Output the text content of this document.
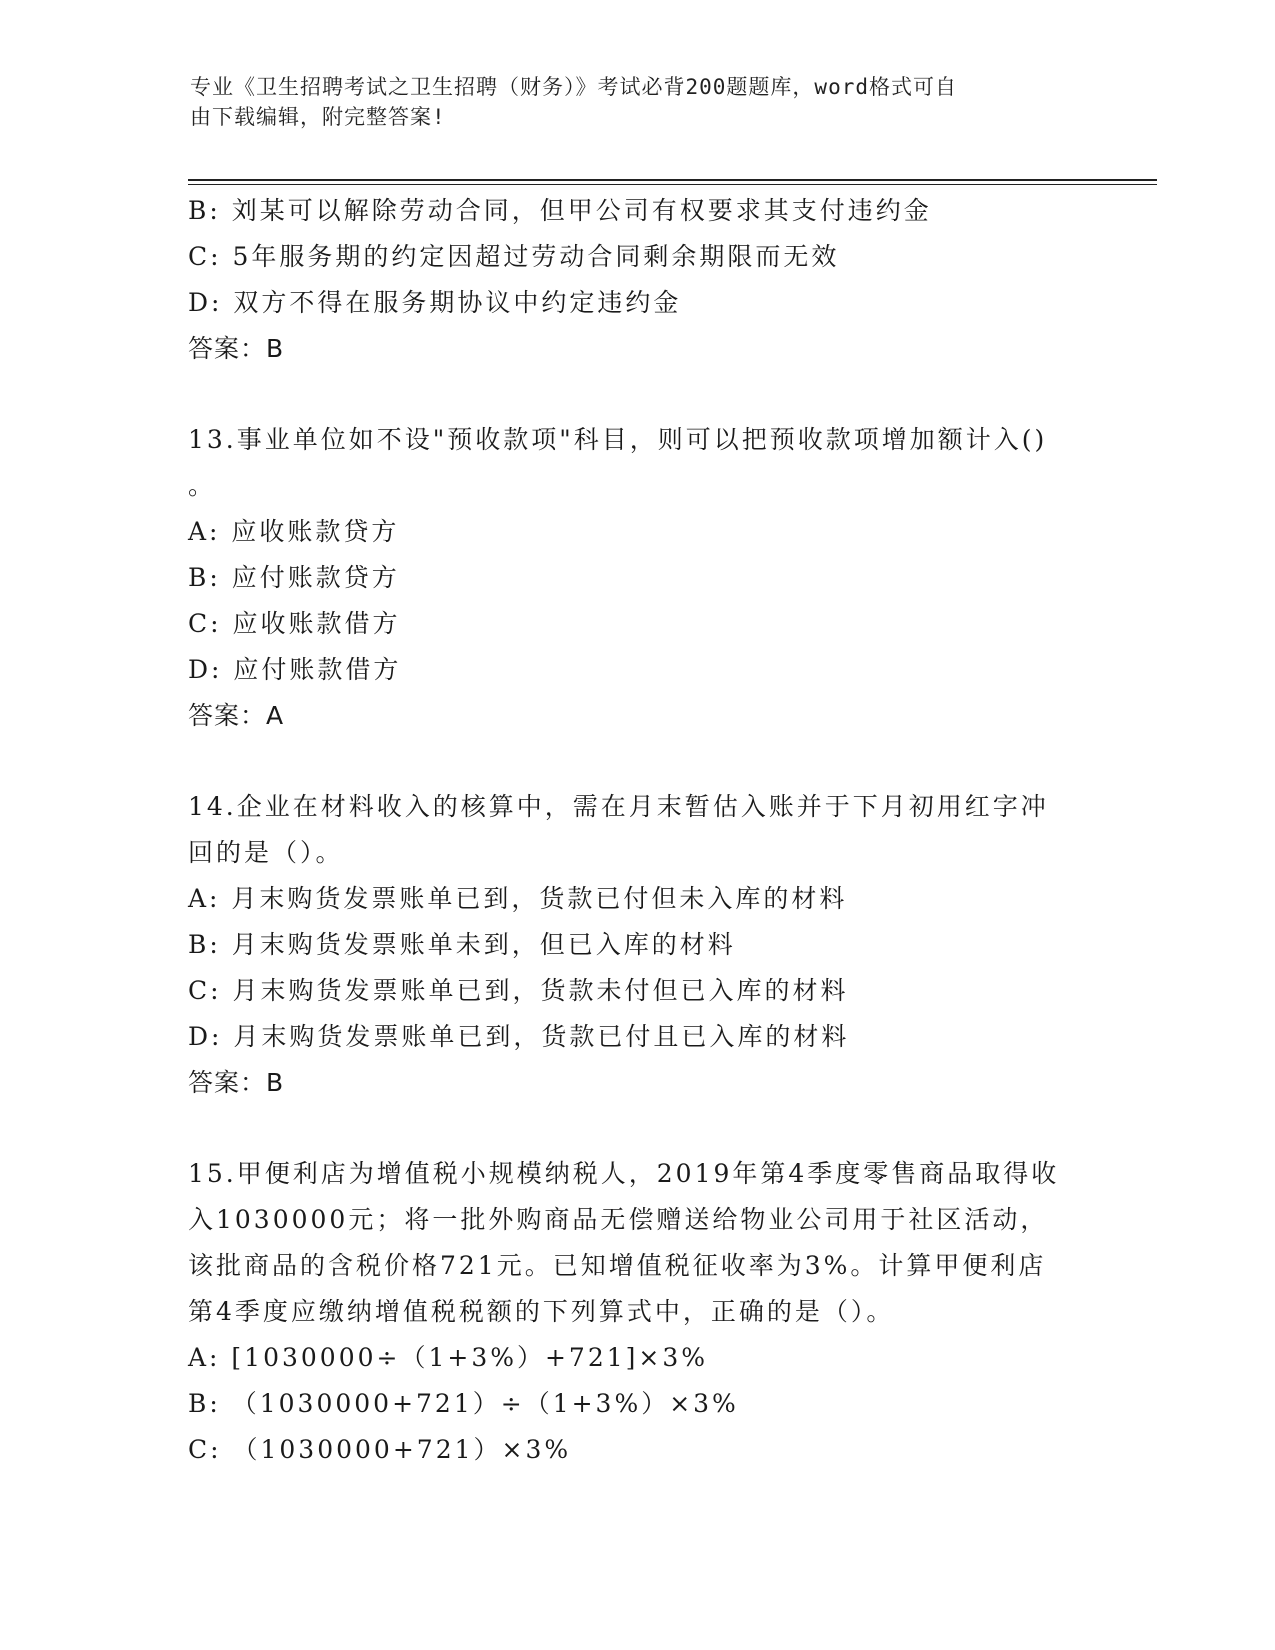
专业《卫生招聘考试之卫生招聘（财务）》考试必背200题题库，word格式可自
由下载编辑，附完整答案!
B: 刘某可以解除劳动合同，但甲公司有权要求其支付违约金
C: 5年服务期的约定因超过劳动合同剩余期限而无效
D: 双方不得在服务期协议中约定违约金
答案：B
13.事业单位如不设"预收款项"科目，则可以把预收款项增加额计入()
。
A: 应收账款贷方
B: 应付账款贷方
C: 应收账款借方
D: 应付账款借方
答案：A
14.企业在材料收入的核算中，需在月末暂估入账并于下月初用红字冲
回的是（）。
A: 月末购货发票账单已到，货款已付但未入库的材料
B: 月末购货发票账单未到，但已入库的材料
C: 月末购货发票账单已到，货款未付但已入库的材料
D: 月末购货发票账单已到，货款已付且已入库的材料
答案：B
15.甲便利店为增值税小规模纳税人，2019年第4季度零售商品取得收
入1030000元；将一批外购商品无偿赠送给物业公司用于社区活动，
该批商品的含税价格721元。已知增值税征收率为3%。计算甲便利店
第4季度应缴纳增值税税额的下列算式中，正确的是（）。
A: [1030000÷（1+3%）+721]×3%
B: （1030000+721）÷（1+3%）×3%
C: （1030000+721）×3%
